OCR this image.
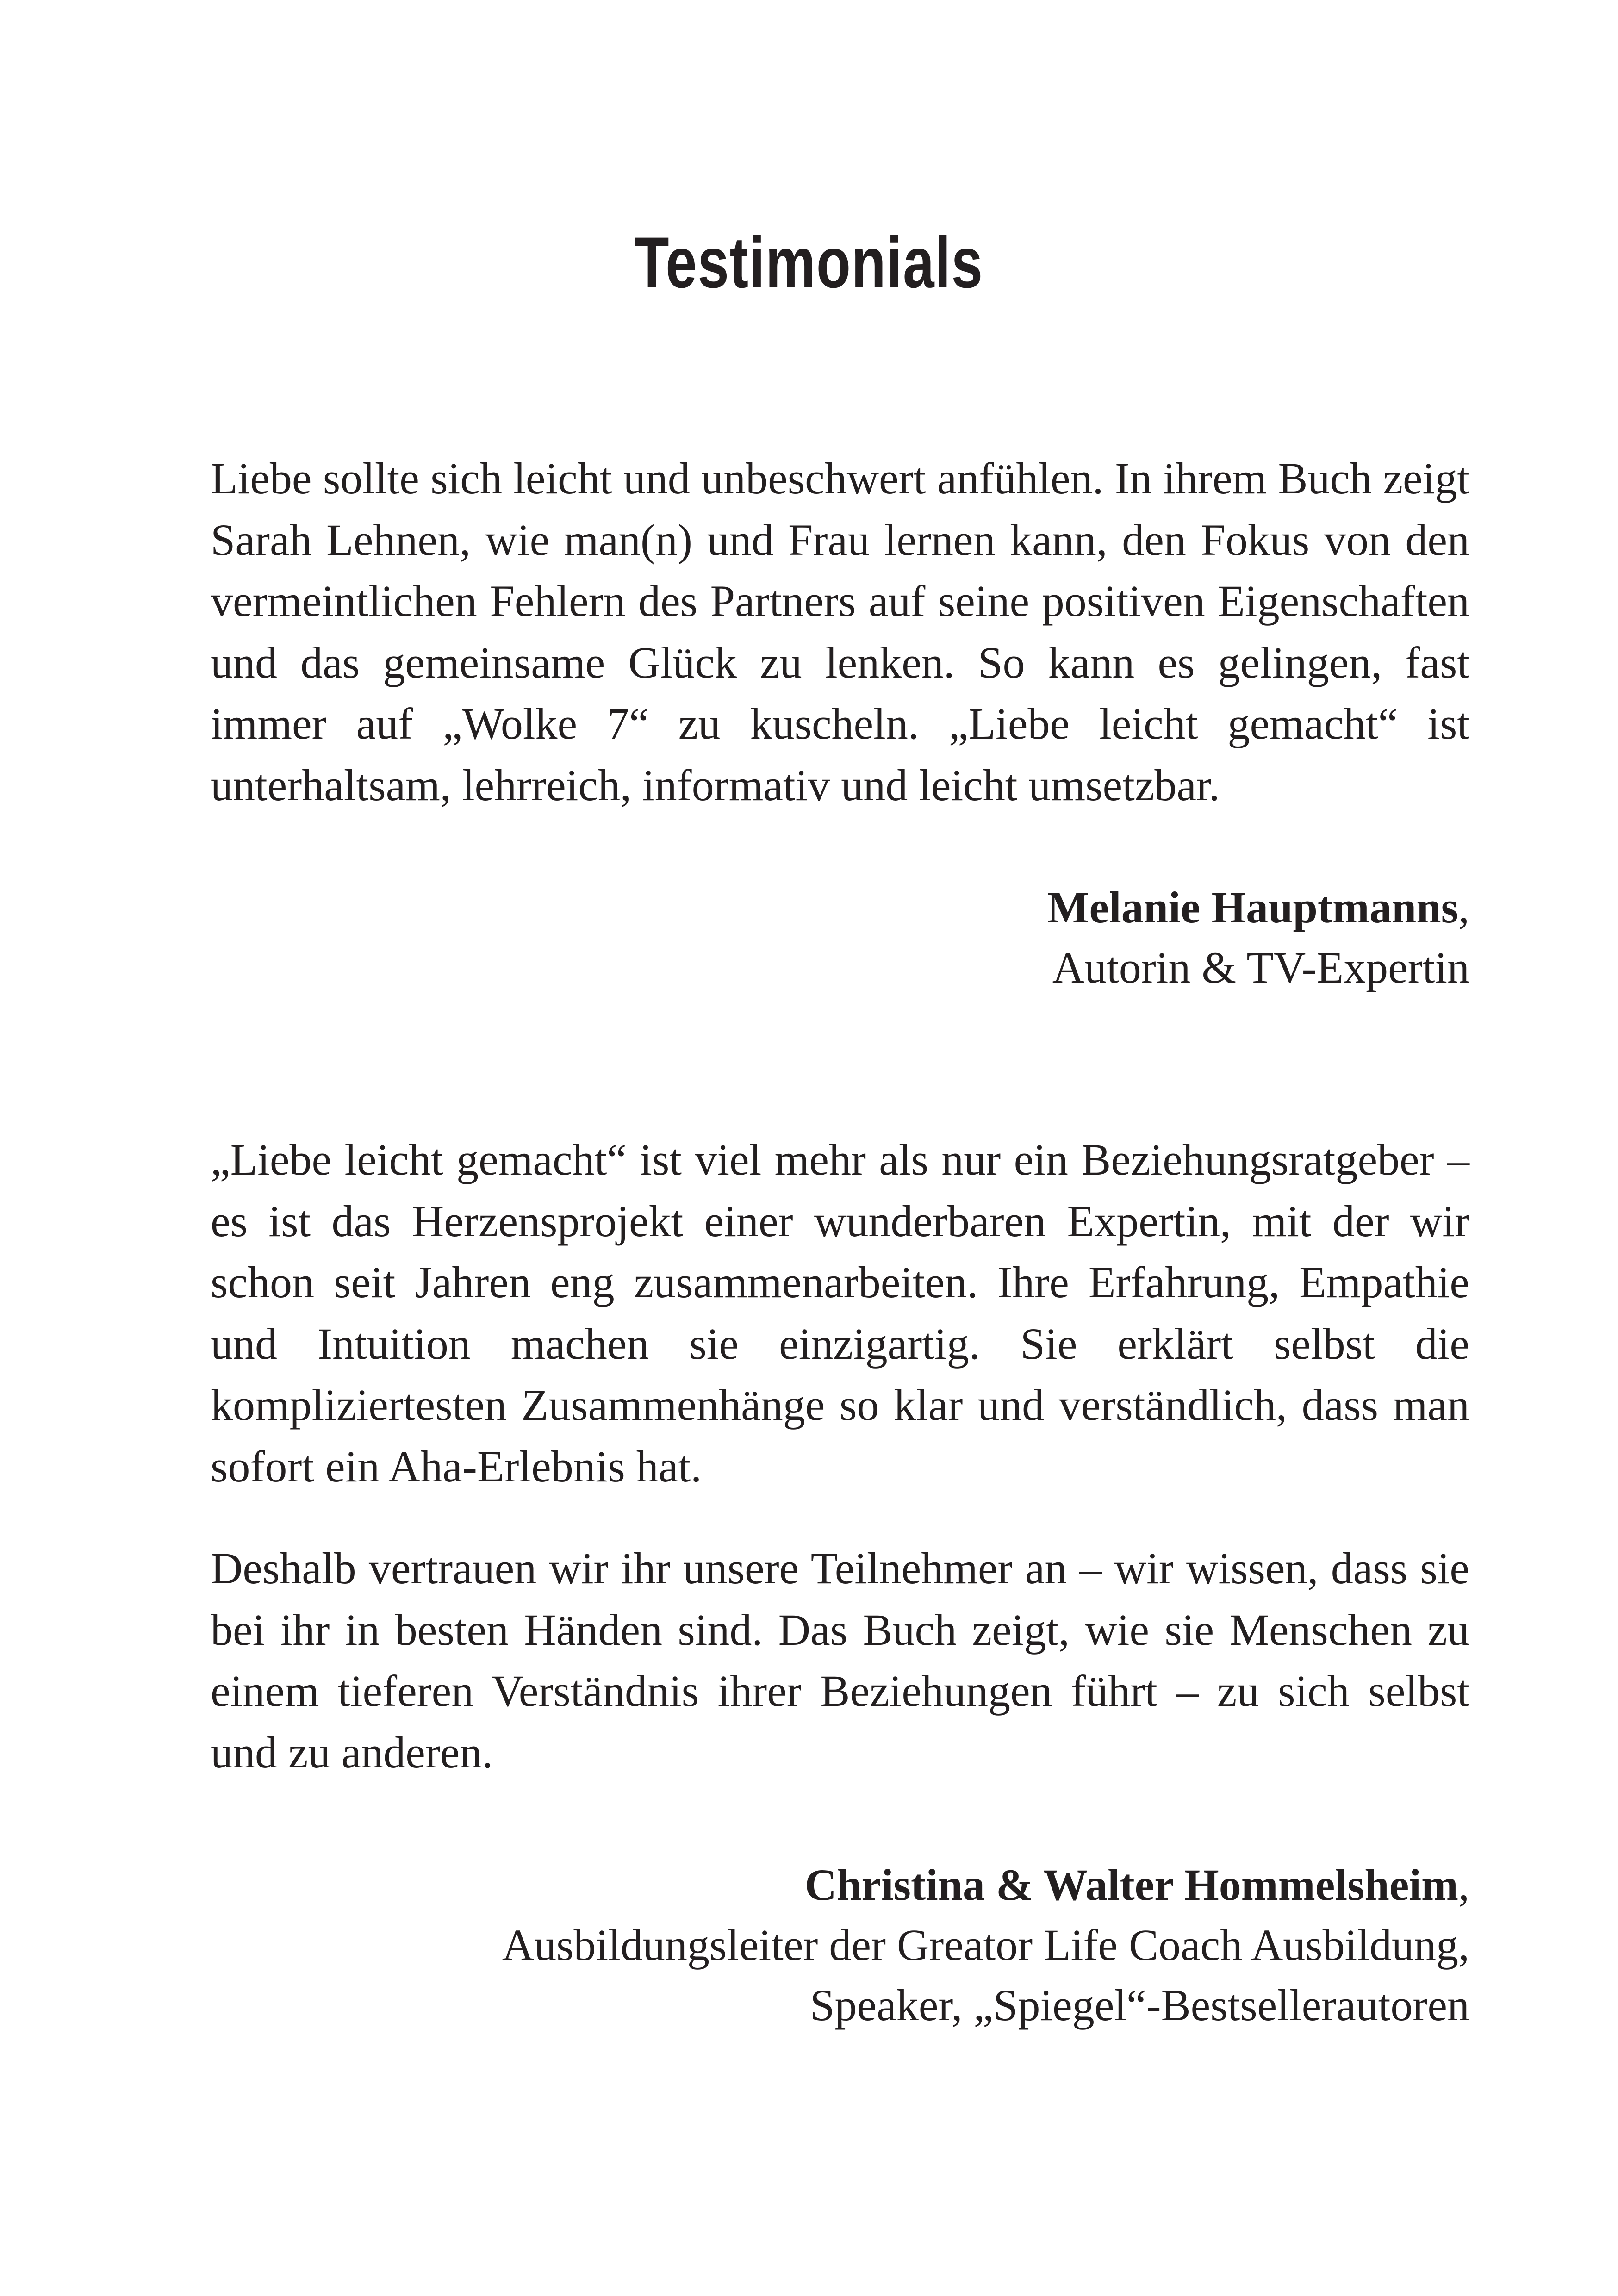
Testimonials

Liebe sollte sich leicht und unbeschwert anfühlen. In ihrem Buch zeigt Sarah Lehnen, wie man(n) und Frau lernen kann, den Fokus von den vermeintlichen Fehlern des Partners auf seine positiven Eigenschaften und das gemeinsame Glück zu lenken. So kann es gelingen, fast immer auf „Wolke 7“ zu kuscheln. „Liebe leicht gemacht“ ist unterhaltsam, lehrreich, informativ und leicht umsetzbar.

Melanie Hauptmanns,
Autorin & TV-Expertin

„Liebe leicht gemacht“ ist viel mehr als nur ein Beziehungsratgeber – es ist das Herzensprojekt einer wunderbaren Expertin, mit der wir schon seit Jahren eng zusammenarbeiten. Ihre Erfahrung, Empathie und Intuition machen sie einzigartig. Sie erklärt selbst die kompliziertesten Zusammenhänge so klar und verständlich, dass man sofort ein Aha-Erlebnis hat.

Deshalb vertrauen wir ihr unsere Teilnehmer an – wir wissen, dass sie bei ihr in besten Händen sind. Das Buch zeigt, wie sie Menschen zu einem tieferen Verständnis ihrer Beziehungen führt – zu sich selbst und zu anderen.

Christina & Walter Hommelsheim,
Ausbildungsleiter der Greator Life Coach Ausbildung,
Speaker, „Spiegel“-Bestsellerautoren
